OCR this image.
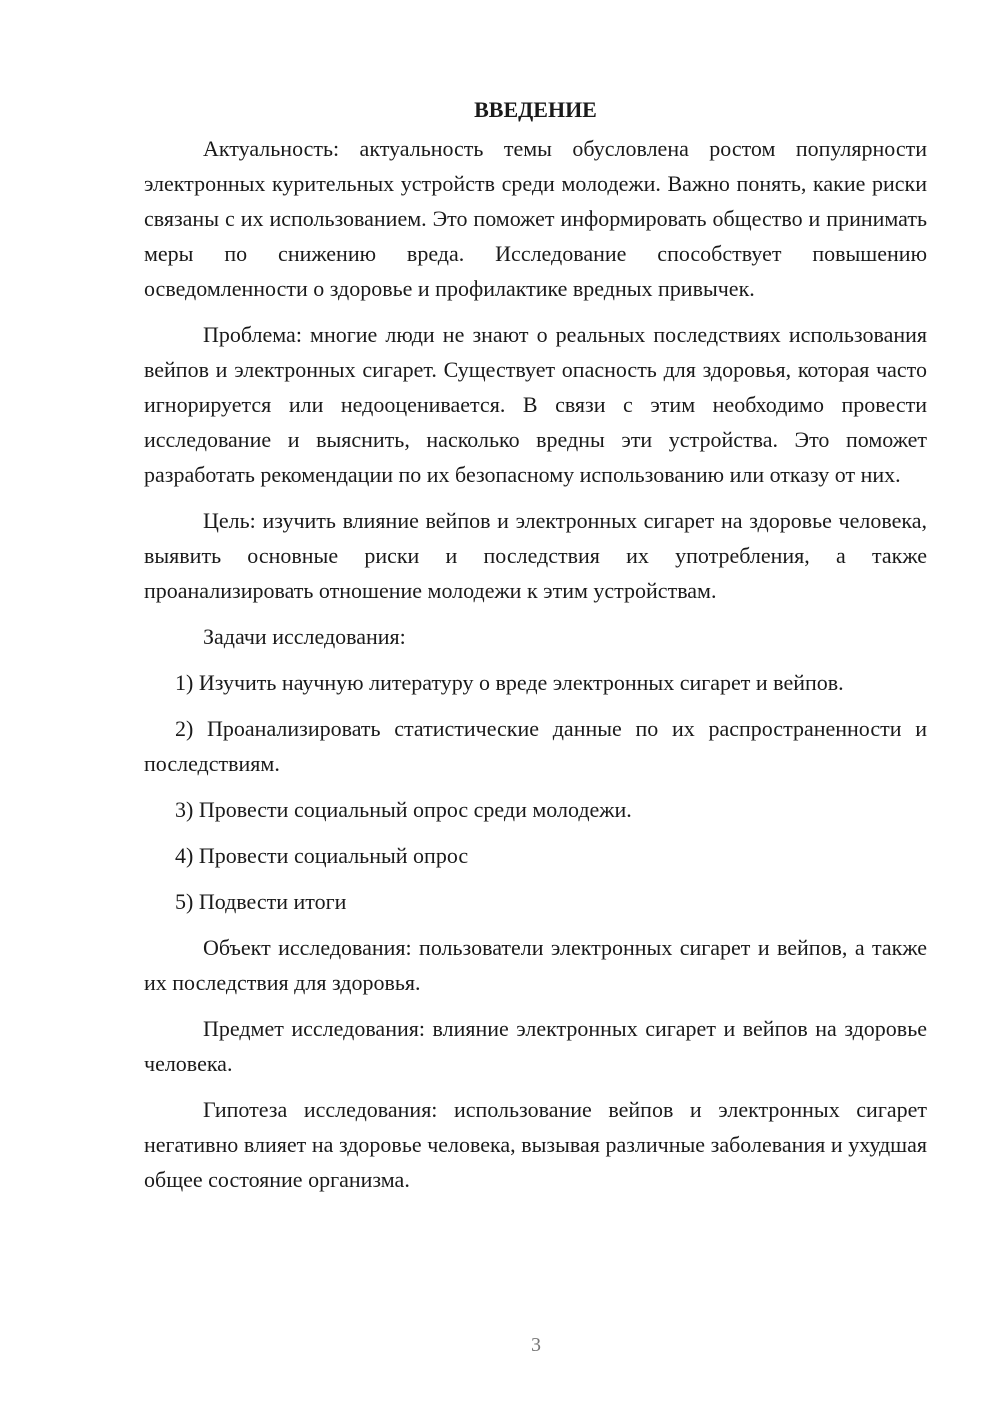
ВВЕДЕНИЕ

Актуальность: актуальность темы обусловлена ростом популярности электронных курительных устройств среди молодежи. Важно понять, какие риски связаны с их использованием. Это поможет информировать общество и принимать меры по снижению вреда. Исследование способствует повышению осведомленности о здоровье и профилактике вредных привычек.

Проблема: многие люди не знают о реальных последствиях использования вейпов и электронных сигарет. Существует опасность для здоровья, которая часто игнорируется или недооценивается. В связи с этим необходимо провести исследование и выяснить, насколько вредны эти устройства. Это поможет разработать рекомендации по их безопасному использованию или отказу от них.

Цель: изучить влияние вейпов и электронных сигарет на здоровье человека, выявить основные риски и последствия их употребления, а также проанализировать отношение молодежи к этим устройствам.

Задачи исследования:

1) Изучить научную литературу о вреде электронных сигарет и вейпов.

2) Проанализировать статистические данные по их распространенности и последствиям.

3) Провести социальный опрос среди молодежи.

4) Провести социальный опрос

5) Подвести итоги

Объект исследования: пользователи электронных сигарет и вейпов, а также их последствия для здоровья.

Предмет исследования: влияние электронных сигарет и вейпов на здоровье человека.

Гипотеза исследования: использование вейпов и электронных сигарет негативно влияет на здоровье человека, вызывая различные заболевания и ухудшая общее состояние организма.

3
